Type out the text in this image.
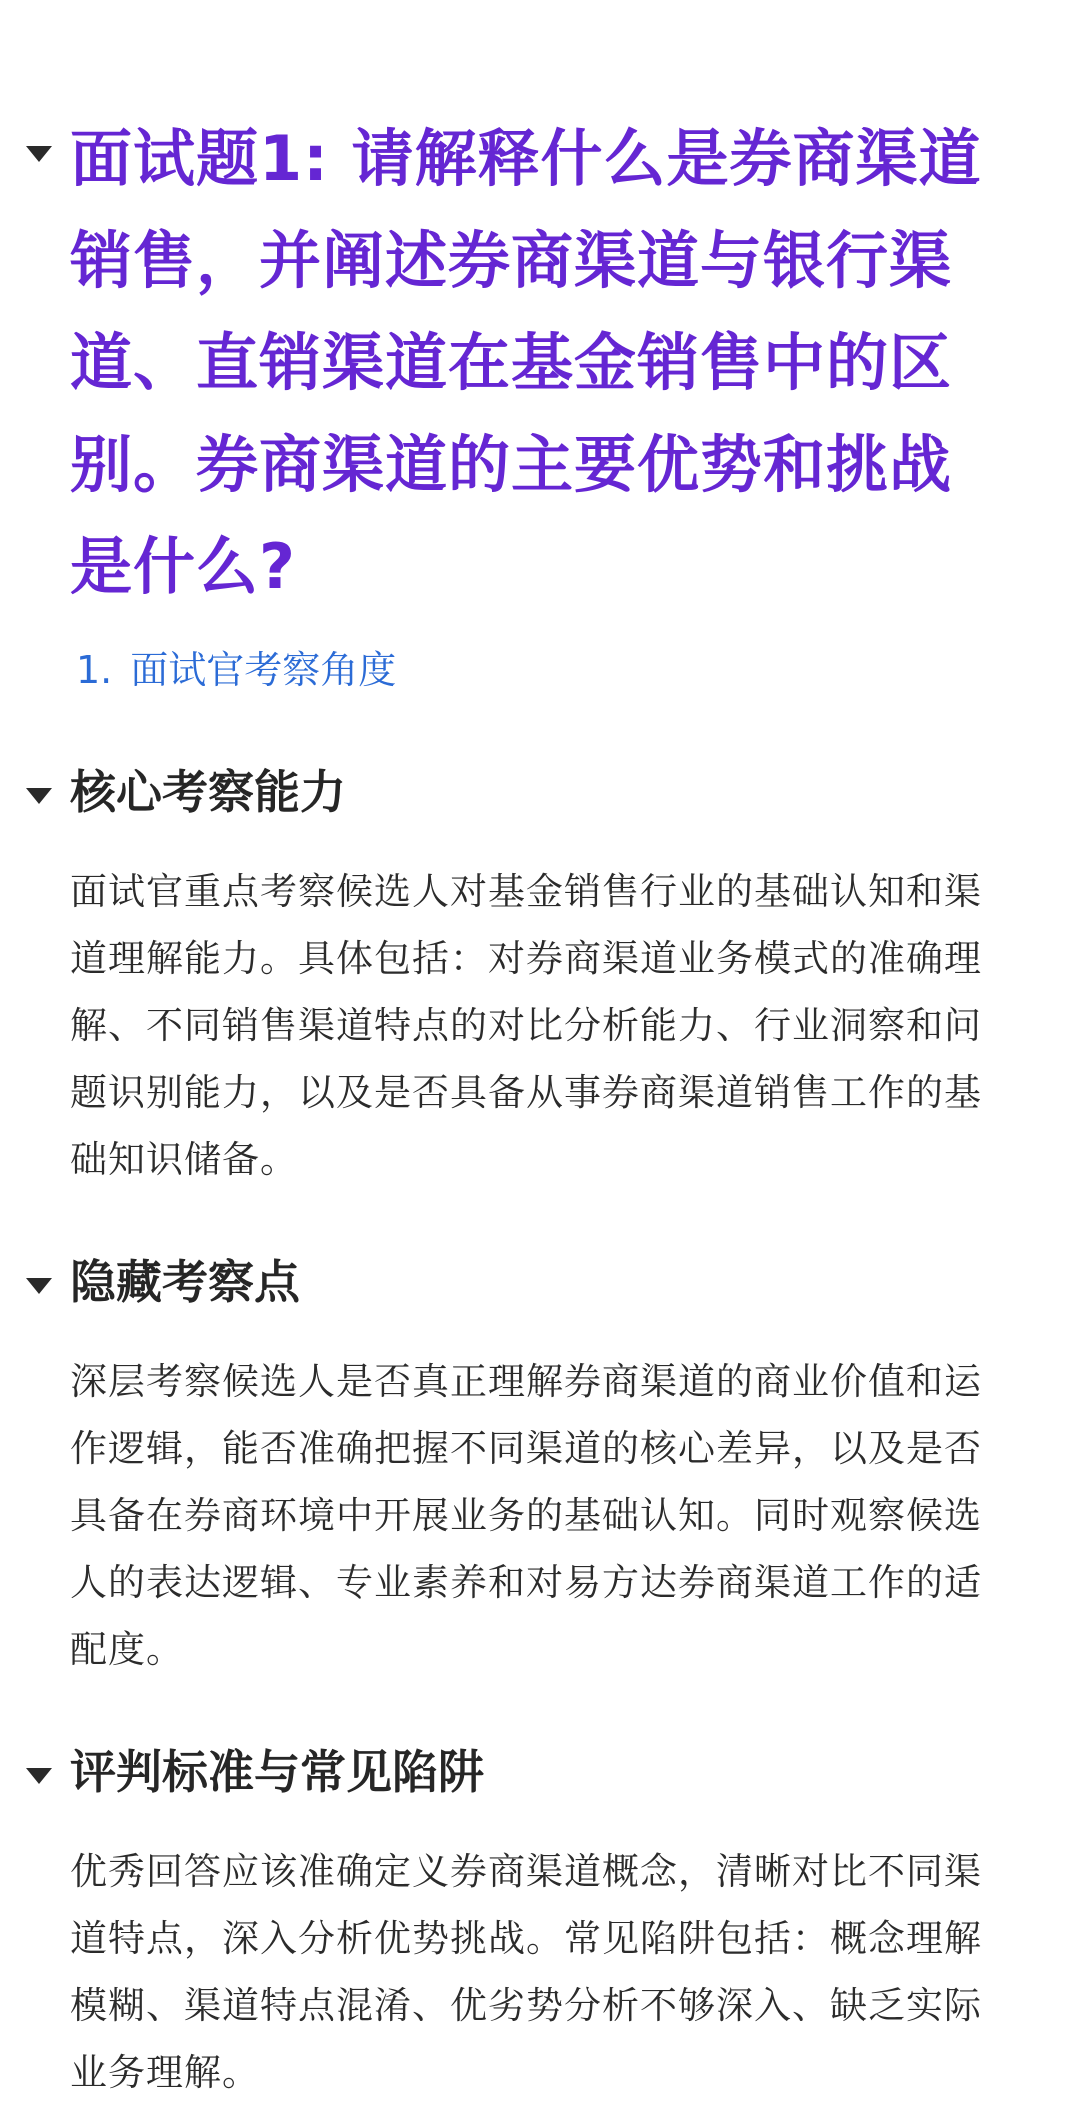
面试题1: 请解释什么是券商渠道销售，并阐述券商渠道与银行渠道、直销渠道在基金销售中的区别。券商渠道的主要优势和挑战是什么?
1. 面试官考察角度
核心考察能力

面试官重点考察候选人对基金销售行业的基础认知和渠道理解能力。具体包括：对券商渠道业务模式的准确理解、不同销售渠道特点的对比分析能力、行业洞察和问题识别能力，以及是否具备从事券商渠道销售工作的基础知识储备。

隐藏考察点

深层考察候选人是否真正理解券商渠道的商业价值和运作逻辑，能否准确把握不同渠道的核心差异，以及是否具备在券商环境中开展业务的基础认知。同时观察候选人的表达逻辑、专业素养和对易方达券商渠道工作的适配度。

评判标准与常见陷阱

优秀回答应该准确定义券商渠道概念，清晰对比不同渠道特点，深入分析优势挑战。常见陷阱包括：概念理解模糊、渠道特点混淆、优劣势分析不够深入、缺乏实际业务理解。
